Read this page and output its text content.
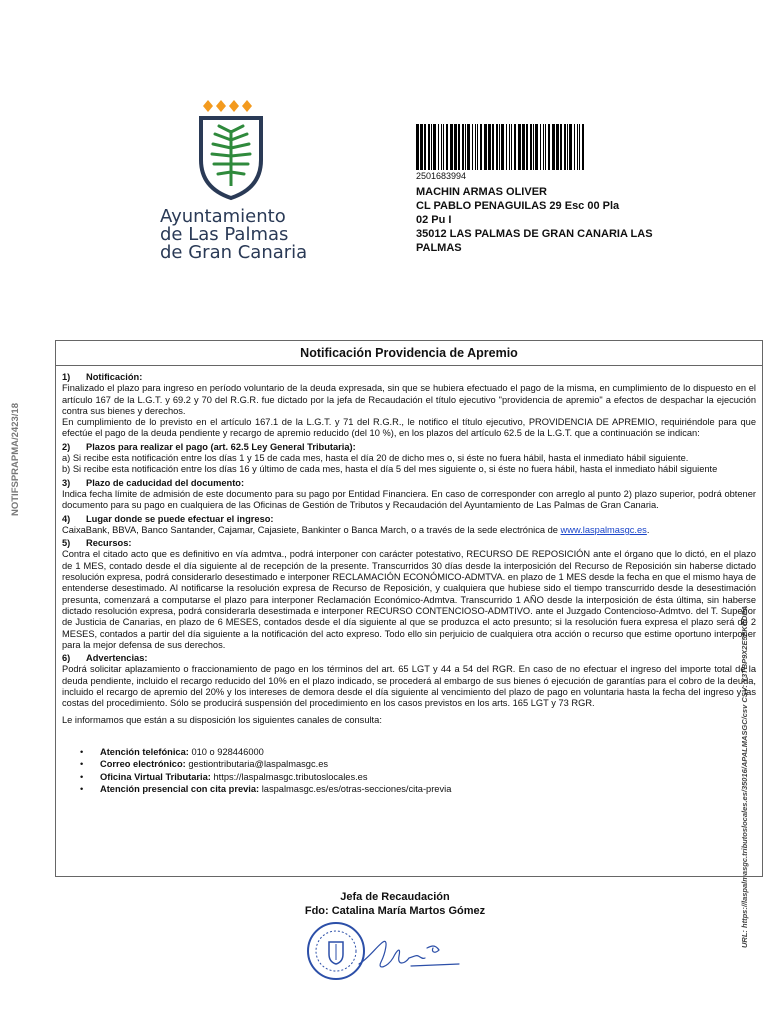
Ayuntamiento
de Las Palmas
de Gran Canaria
2501683994
MACHIN ARMAS OLIVER
CL PABLO PENAGUILAS 29 Esc 00 Pla
02 Pu I
35012 LAS PALMAS DE GRAN CANARIA LAS
PALMAS
NOTIFSPRAPMA/2423/18
URL: https://laspalmasgc.tributoslocales.es/35016/APALMASGC/csv CSV: Y3TBP9X2E5FKCDPA
Notificación Providencia de Apremio
1) Notificación:

Finalizado el plazo para ingreso en período voluntario de la deuda expresada, sin que se hubiera efectuado el pago de la misma, en cumplimiento de lo dispuesto en el artículo 167 de la L.G.T. y 69.2 y 70 del R.G.R. fue dictado por la jefa de Recaudación el título ejecutivo "providencia de apremio" a efectos de despachar la ejecución contra sus bienes y derechos.

En cumplimiento de lo previsto en el artículo 167.1 de la L.G.T. y 71 del R.G.R., le notifico el título ejecutivo, PROVIDENCIA DE APREMIO, requiriéndole para que efectúe el pago de la deuda pendiente y recargo de apremio reducido (del 10 %), en los plazos del artículo 62.5 de la L.G.T. que a continuación se indican:

2) Plazos para realizar el pago (art. 62.5 Ley General Tributaria):

a) Si recibe esta notificación entre los días 1 y 15 de cada mes, hasta el día 20 de dicho mes o, si éste no fuera hábil, hasta el inmediato hábil siguiente.

b) Si recibe esta notificación entre los días 16 y último de cada mes, hasta el día 5 del mes siguiente o, si éste no fuera hábil, hasta el inmediato hábil siguiente

3) Plazo de caducidad del documento:

Indica fecha límite de admisión de este documento para su pago por Entidad Financiera. En caso de corresponder con arreglo al punto 2) plazo superior, podrá obtener documento para su pago en cualquiera de las Oficinas de Gestión de Tributos y Recaudación del Ayuntamiento de Las Palmas de Gran Canaria.

4) Lugar donde se puede efectuar el ingreso:

CaixaBank, BBVA, Banco Santander, Cajamar, Cajasiete, Bankinter o Banca March, o a través de la sede electrónica de www.laspalmasgc.es.

5) Recursos:

Contra el citado acto que es definitivo en vía admtva., podrá interponer con carácter potestativo, RECURSO DE REPOSICIÓN ante el órgano que lo dictó, en el plazo de 1 MES, contado desde el día siguiente al de recepción de la presente. Transcurridos 30 días desde la interposición del Recurso de Reposición sin haberse dictado resolución expresa, podrá considerarlo desestimado e interponer RECLAMACIÓN ECONÓMICO-ADMTVA. en plazo de 1 MES desde la fecha en que el mismo haya de entenderse desestimado. Al notificarse la resolución expresa de Recurso de Reposición, y cualquiera que hubiese sido el tiempo transcurrido desde la desestimación presunta, comenzará a computarse el plazo para interponer Reclamación Económico-Admtva. Transcurrido 1 AÑO desde la interposición de ésta última, sin haberse dictado resolución expresa, podrá considerarla desestimada e interponer RECURSO CONTENCIOSO-ADMTIVO. ante el Juzgado Contencioso-Admtvo. del T. Superior de Justicia de Canarias, en plazo de 6 MESES, contados desde el día siguiente al que se produzca el acto presunto; si la resolución fuera expresa el plazo será de 2 MESES, contados a partir del día siguiente a la notificación del acto expreso. Todo ello sin perjuicio de cualquiera otra acción o recurso que estime oportuno interponer para la mejor defensa de sus derechos.

6) Advertencias:

Podrá solicitar aplazamiento o fraccionamiento de pago en los términos del art. 65 LGT y 44 a 54 del RGR. En caso de no efectuar el ingreso del importe total de la deuda pendiente, incluido el recargo reducido del 10% en el plazo indicado, se procederá al embargo de sus bienes ó ejecución de garantías para el cobro de la deuda, incluido el recargo de apremio del 20% y los intereses de demora desde el día siguiente al vencimiento del plazo de pago en voluntaria hasta la fecha del ingreso y las costas del procedimiento. Sólo se producirá suspensión del procedimiento en los casos previstos en los arts. 165 LGT y 73 RGR.

Le informamos que están a su disposición los siguientes canales de consulta:

• Atención telefónica: 010 o 928446000
• Correo electrónico: gestiontributaria@laspalmasgc.es
• Oficina Virtual Tributaria: https://laspalmasgc.tributoslocales.es
• Atención presencial con cita previa: laspalmasgc.es/es/otras-secciones/cita-previa
Jefa de Recaudación
Fdo: Catalina María Martos Gómez
